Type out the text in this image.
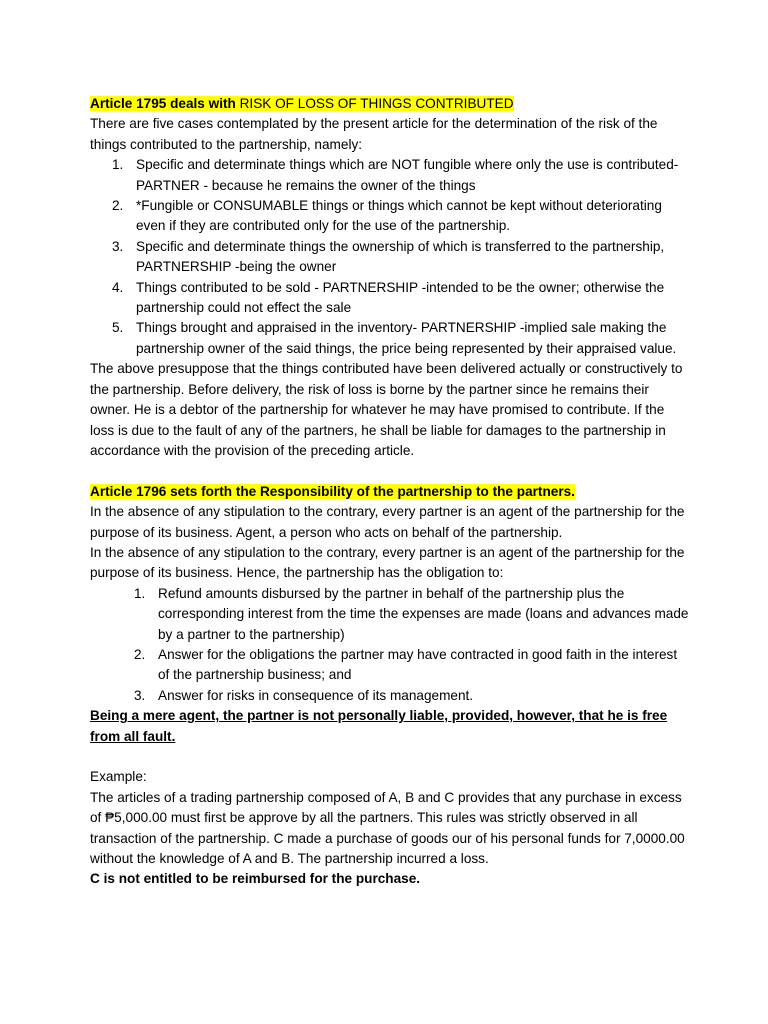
Article 1795 deals with RISK OF LOSS OF THINGS CONTRIBUTED

There are five cases contemplated by the present article for the determination of the risk of the things contributed to the partnership, namely:

1. Specific and determinate things which are NOT fungible where only the use is contributed- PARTNER - because he remains the owner of the things
2. *Fungible or CONSUMABLE things or things which cannot be kept without deteriorating even if they are contributed only for the use of the partnership.
3. Specific and determinate things the ownership of which is transferred to the partnership, PARTNERSHIP -being the owner
4. Things contributed to be sold - PARTNERSHIP -intended to be the owner; otherwise the partnership could not effect the sale
5. Things brought and appraised in the inventory- PARTNERSHIP -implied sale making the partnership owner of the said things, the price being represented by their appraised value.

The above presuppose that the things contributed have been delivered actually or constructively to the partnership. Before delivery, the risk of loss is borne by the partner since he remains their owner. He is a debtor of the partnership for whatever he may have promised to contribute. If the loss is due to the fault of any of the partners, he shall be liable for damages to the partnership in accordance with the provision of the preceding article.

Article 1796 sets forth the Responsibility of the partnership to the partners.

In the absence of any stipulation to the contrary, every partner is an agent of the partnership for the purpose of its business. Agent, a person who acts on behalf of the partnership.

In the absence of any stipulation to the contrary, every partner is an agent of the partnership for the purpose of its business. Hence, the partnership has the obligation to:

1. Refund amounts disbursed by the partner in behalf of the partnership plus the corresponding interest from the time the expenses are made (loans and advances made by a partner to the partnership)
2. Answer for the obligations the partner may have contracted in good faith in the interest of the partnership business; and
3. Answer for risks in consequence of its management.

Being a mere agent, the partner is not personally liable, provided, however, that he is free from all fault.

Example:

The articles of a trading partnership composed of A, B and C provides that any purchase in excess of ₱5,000.00 must first be approve by all the partners. This rules was strictly observed in all transaction of the partnership. C made a purchase of goods our of his personal funds for 7,0000.00 without the knowledge of A and B. The partnership incurred a loss.

C is not entitled to be reimbursed for the purchase.
